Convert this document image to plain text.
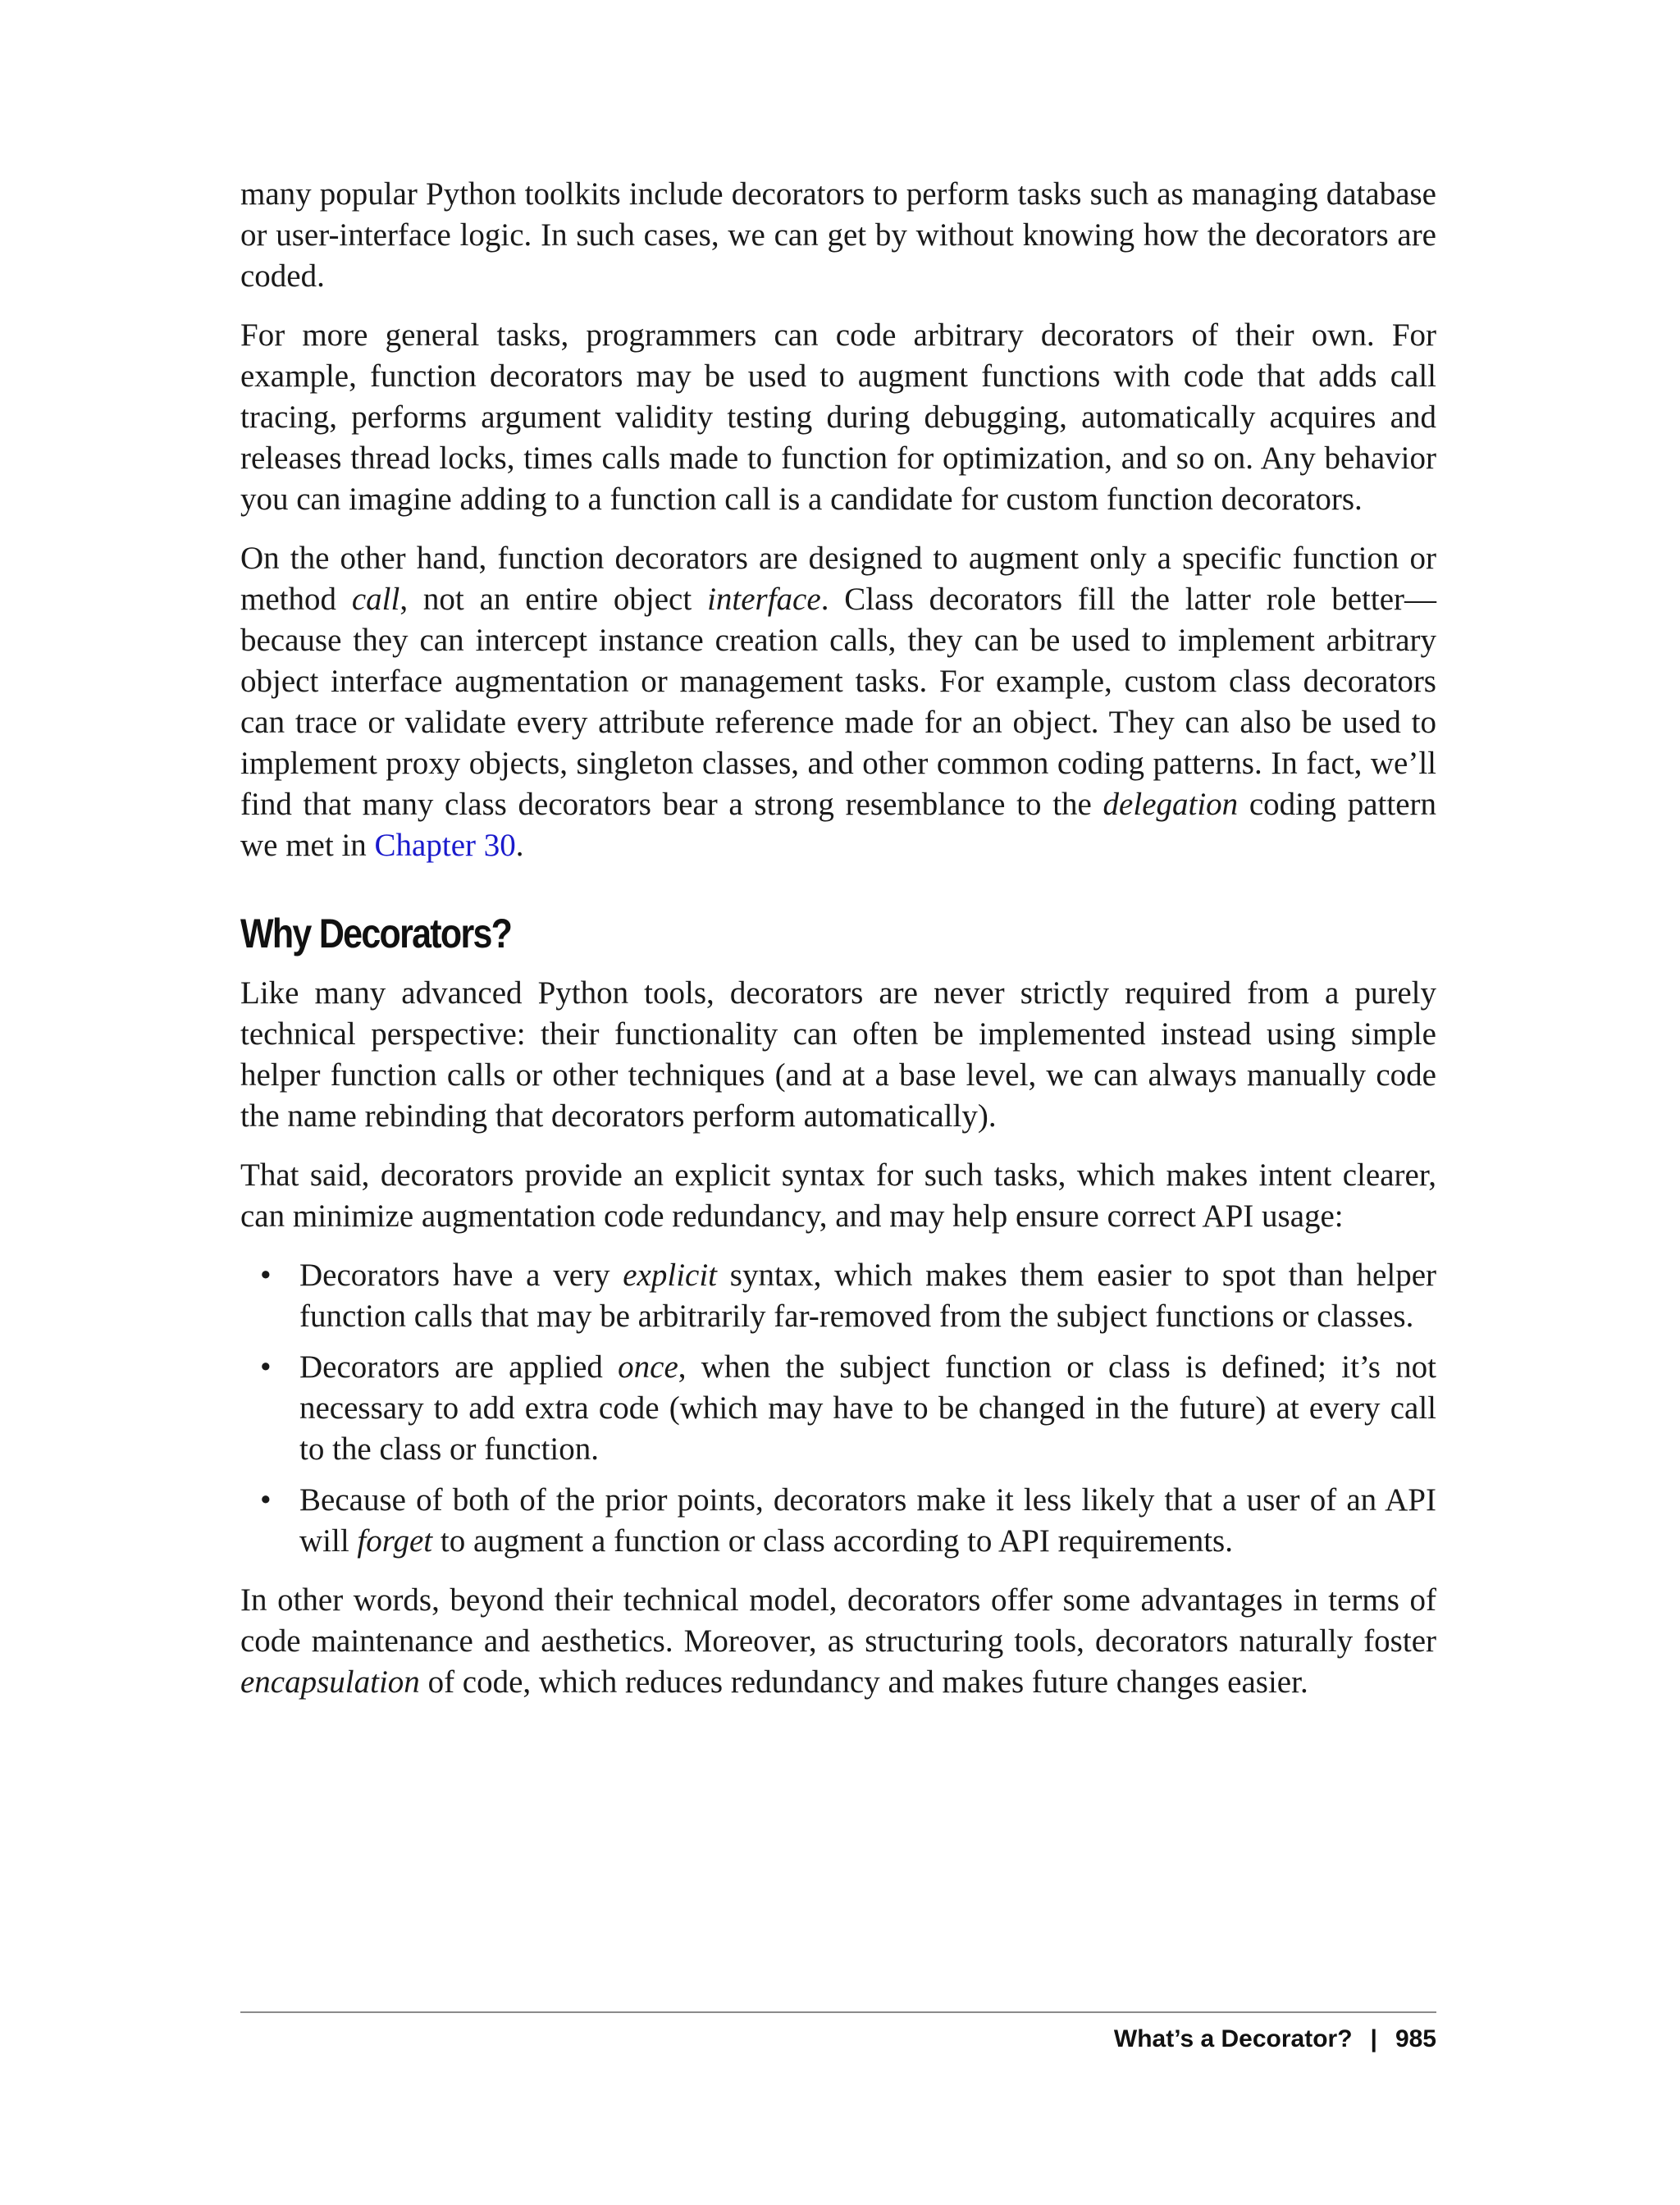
many popular Python toolkits include decorators to perform tasks such as managing database or user-interface logic. In such cases, we can get by without knowing how the decorators are coded.

For more general tasks, programmers can code arbitrary decorators of their own. For example, function decorators may be used to augment functions with code that adds call tracing, performs argument validity testing during debugging, automatically acquires and releases thread locks, times calls made to function for optimization, and so on. Any behavior you can imagine adding to a function call is a candidate for custom function decorators.

On the other hand, function decorators are designed to augment only a specific function or method call, not an entire object interface. Class decorators fill the latter role better—because they can intercept instance creation calls, they can be used to implement arbitrary object interface augmentation or management tasks. For example, custom class decorators can trace or validate every attribute reference made for an object. They can also be used to implement proxy objects, singleton classes, and other common coding patterns. In fact, we’ll find that many class decorators bear a strong resemblance to the delegation coding pattern we met in Chapter 30.

Why Decorators?

Like many advanced Python tools, decorators are never strictly required from a purely technical perspective: their functionality can often be implemented instead using simple helper function calls or other techniques (and at a base level, we can always manually code the name rebinding that decorators perform automatically).

That said, decorators provide an explicit syntax for such tasks, which makes intent clearer, can minimize augmentation code redundancy, and may help ensure correct API usage:

• Decorators have a very explicit syntax, which makes them easier to spot than helper function calls that may be arbitrarily far-removed from the subject functions or classes.
• Decorators are applied once, when the subject function or class is defined; it’s not necessary to add extra code (which may have to be changed in the future) at every call to the class or function.
• Because of both of the prior points, decorators make it less likely that a user of an API will forget to augment a function or class according to API requirements.

In other words, beyond their technical model, decorators offer some advantages in terms of code maintenance and aesthetics. Moreover, as structuring tools, decorators naturally foster encapsulation of code, which reduces redundancy and makes future changes easier.

What’s a Decorator? | 985
